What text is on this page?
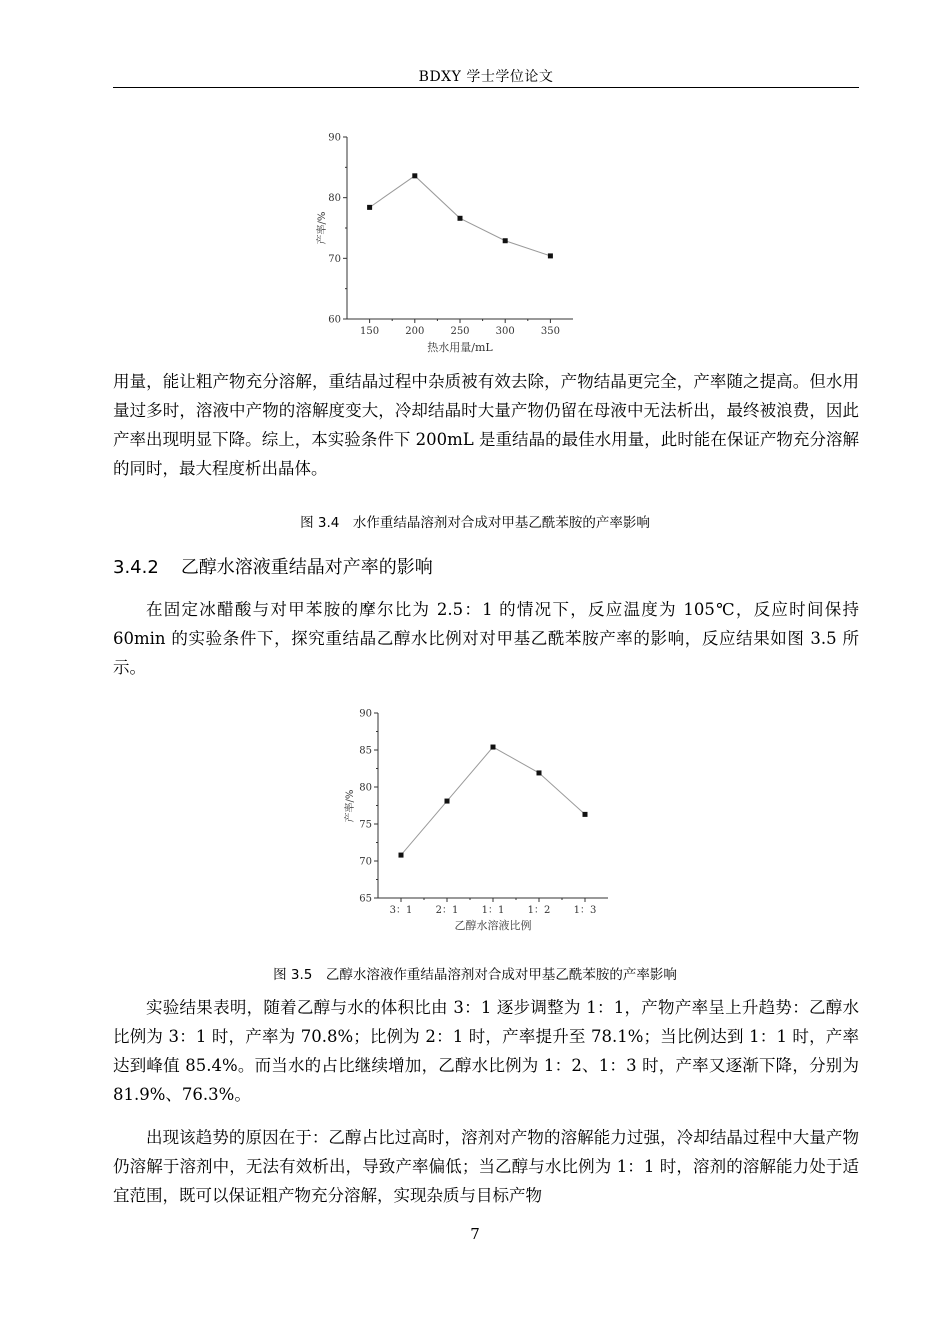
BDXY 学士学位论文
60
70
80
90
150	200	250	300	350
产率/%
热水用量/mL

用量，能让粗产物充分溶解，重结晶过程中杂质被有效去除，产物结晶更完全，产率随之提高。但水用量过多时，溶液中产物的溶解度变大，冷却结晶时大量产物仍留在母液中无法析出，最终被浪费，因此产率出现明显下降。综上，本实验条件下 200mL 是重结晶的最佳水用量，此时能在保证产物充分溶解的同时，最大程度析出晶体。

图 3.4　水作重结晶溶剂对合成对甲基乙酰苯胺的产率影响
3.4.2 乙醇水溶液重结晶对产率的影响

在固定冰醋酸与对甲苯胺的摩尔比为 2.5：1 的情况下，反应温度为 105℃，反应时间保持 60min 的实验条件下，探究重结晶乙醇水比例对对甲基乙酰苯胺产率的影响，反应结果如图 3.5 所示。

65
70
75
80
85
90
3：1 2：1 1：1 1：2 1：3
产率/%
乙醇水溶液比例
图 3.5　乙醇水溶液作重结晶溶剂对合成对甲基乙酰苯胺的产率影响

实验结果表明，随着乙醇与水的体积比由 3：1 逐步调整为 1：1，产物产率呈上升趋势：乙醇水比例为 3：1 时，产率为 70.8%；比例为 2：1 时，产率提升至 78.1%；当比例达到 1：1 时，产率达到峰值 85.4%。而当水的占比继续增加，乙醇水比例为 1：2、1：3 时，产率又逐渐下降，分别为 81.9%、76.3%。

出现该趋势的原因在于：乙醇占比过高时，溶剂对产物的溶解能力过强，冷却结晶过程中大量产物仍溶解于溶剂中，无法有效析出，导致产率偏低；当乙醇与水比例为 1：1 时，溶剂的溶解能力处于适宜范围，既可以保证粗产物充分溶解，实现杂质与目标产物

7
